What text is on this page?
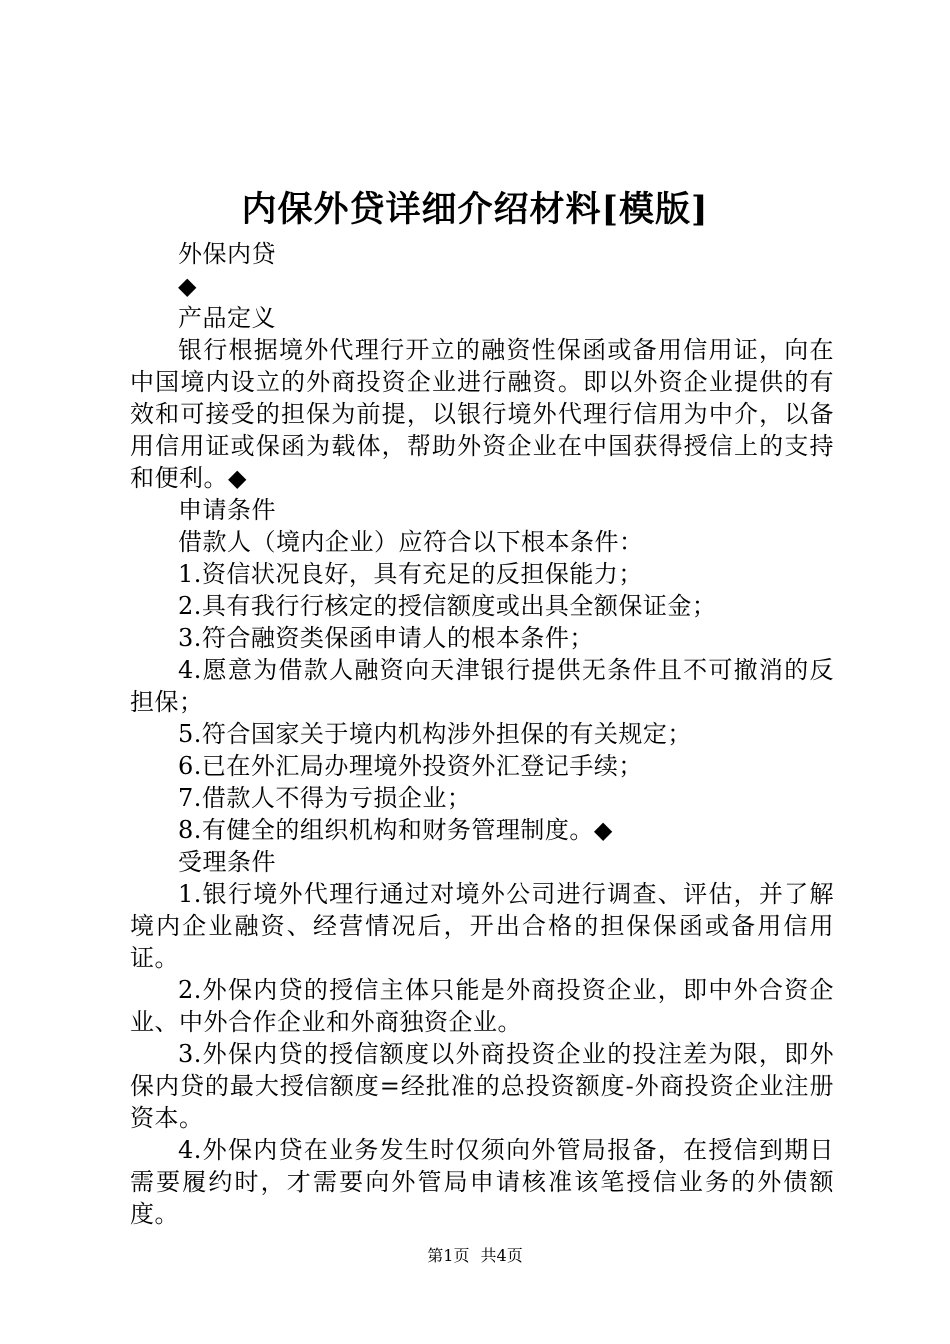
内保外贷详细介绍材料[模版]

外保内贷

◆

产品定义

银行根据境外代理行开立的融资性保函或备用信用证，向在中国境内设立的外商投资企业进行融资。即以外资企业提供的有效和可接受的担保为前提，以银行境外代理行信用为中介，以备用信用证或保函为载体，帮助外资企业在中国获得授信上的支持和便利。◆

申请条件

借款人（境内企业）应符合以下根本条件：

1.资信状况良好，具有充足的反担保能力；

2.具有我行行核定的授信额度或出具全额保证金；

3.符合融资类保函申请人的根本条件；

4.愿意为借款人融资向天津银行提供无条件且不可撤消的反担保；

5.符合国家关于境内机构涉外担保的有关规定；

6.已在外汇局办理境外投资外汇登记手续；

7.借款人不得为亏损企业；

8.有健全的组织机构和财务管理制度。◆

受理条件

1.银行境外代理行通过对境外公司进行调查、评估，并了解境内企业融资、经营情况后，开出合格的担保保函或备用信用证。

2.外保内贷的授信主体只能是外商投资企业，即中外合资企业、中外合作企业和外商独资企业。

3.外保内贷的授信额度以外商投资企业的投注差为限，即外保内贷的最大授信额度=经批准的总投资额度-外商投资企业注册资本。

4.外保内贷在业务发生时仅须向外管局报备，在授信到期日需要履约时，才需要向外管局申请核准该笔授信业务的外债额度。

第1页 共4页
